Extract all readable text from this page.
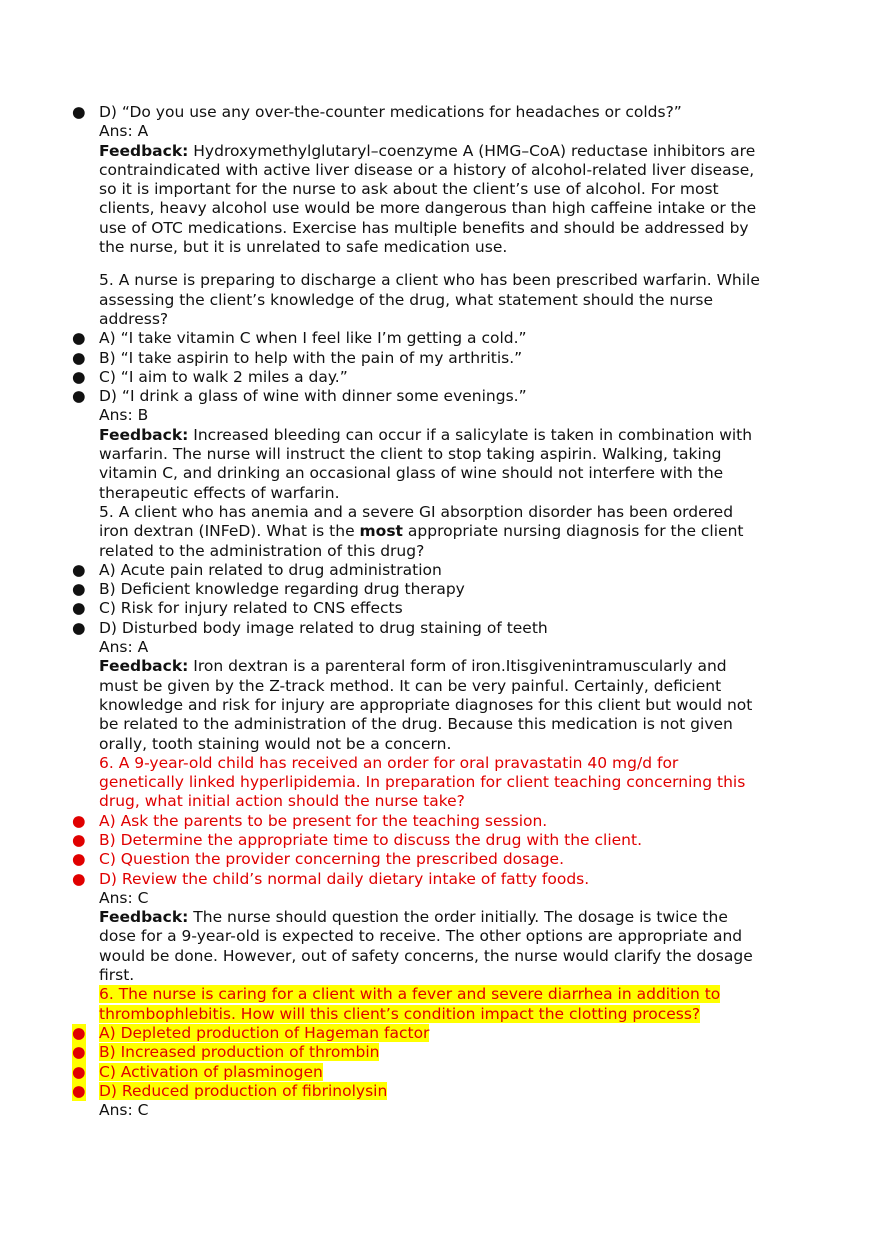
● D) “Do you use any over-the-counter medications for headaches or colds?”
Ans: A
Feedback: Hydroxymethylglutaryl–coenzyme A (HMG–CoA) reductase inhibitors are
contraindicated with active liver disease or a history of alcohol-related liver disease,
so it is important for the nurse to ask about the client’s use of alcohol. For most
clients, heavy alcohol use would be more dangerous than high caffeine intake or the
use of OTC medications. Exercise has multiple benefits and should be addressed by
the nurse, but it is unrelated to safe medication use.
5. A nurse is preparing to discharge a client who has been prescribed warfarin. While
assessing the client’s knowledge of the drug, what statement should the nurse
address?
● A) “I take vitamin C when I feel like I’m getting a cold.”
● B) “I take aspirin to help with the pain of my arthritis.”
● C) “I aim to walk 2 miles a day.”
● D) “I drink a glass of wine with dinner some evenings.”
Ans: B
Feedback: Increased bleeding can occur if a salicylate is taken in combination with
warfarin. The nurse will instruct the client to stop taking aspirin. Walking, taking
vitamin C, and drinking an occasional glass of wine should not interfere with the
therapeutic effects of warfarin.
5. A client who has anemia and a severe GI absorption disorder has been ordered
iron dextran (INFeD). What is the most appropriate nursing diagnosis for the client
related to the administration of this drug?
● A) Acute pain related to drug administration
● B) Deficient knowledge regarding drug therapy
● C) Risk for injury related to CNS effects
● D) Disturbed body image related to drug staining of teeth
Ans: A
Feedback: Iron dextran is a parenteral form of iron.Itisgivenintramuscularly and
must be given by the Z-track method. It can be very painful. Certainly, deficient
knowledge and risk for injury are appropriate diagnoses for this client but would not
be related to the administration of the drug. Because this medication is not given
orally, tooth staining would not be a concern.
6. A 9-year-old child has received an order for oral pravastatin 40 mg/d for
genetically linked hyperlipidemia. In preparation for client teaching concerning this
drug, what initial action should the nurse take?
● A) Ask the parents to be present for the teaching session.
● B) Determine the appropriate time to discuss the drug with the client.
● C) Question the provider concerning the prescribed dosage.
● D) Review the child’s normal daily dietary intake of fatty foods.
Ans: C
Feedback: The nurse should question the order initially. The dosage is twice the
dose for a 9-year-old is expected to receive. The other options are appropriate and
would be done. However, out of safety concerns, the nurse would clarify the dosage
first.
6. The nurse is caring for a client with a fever and severe diarrhea in addition to
thrombophlebitis. How will this client’s condition impact the clotting process?
● A) Depleted production of Hageman factor
● B) Increased production of thrombin
● C) Activation of plasminogen
● D) Reduced production of fibrinolysin
Ans: C
